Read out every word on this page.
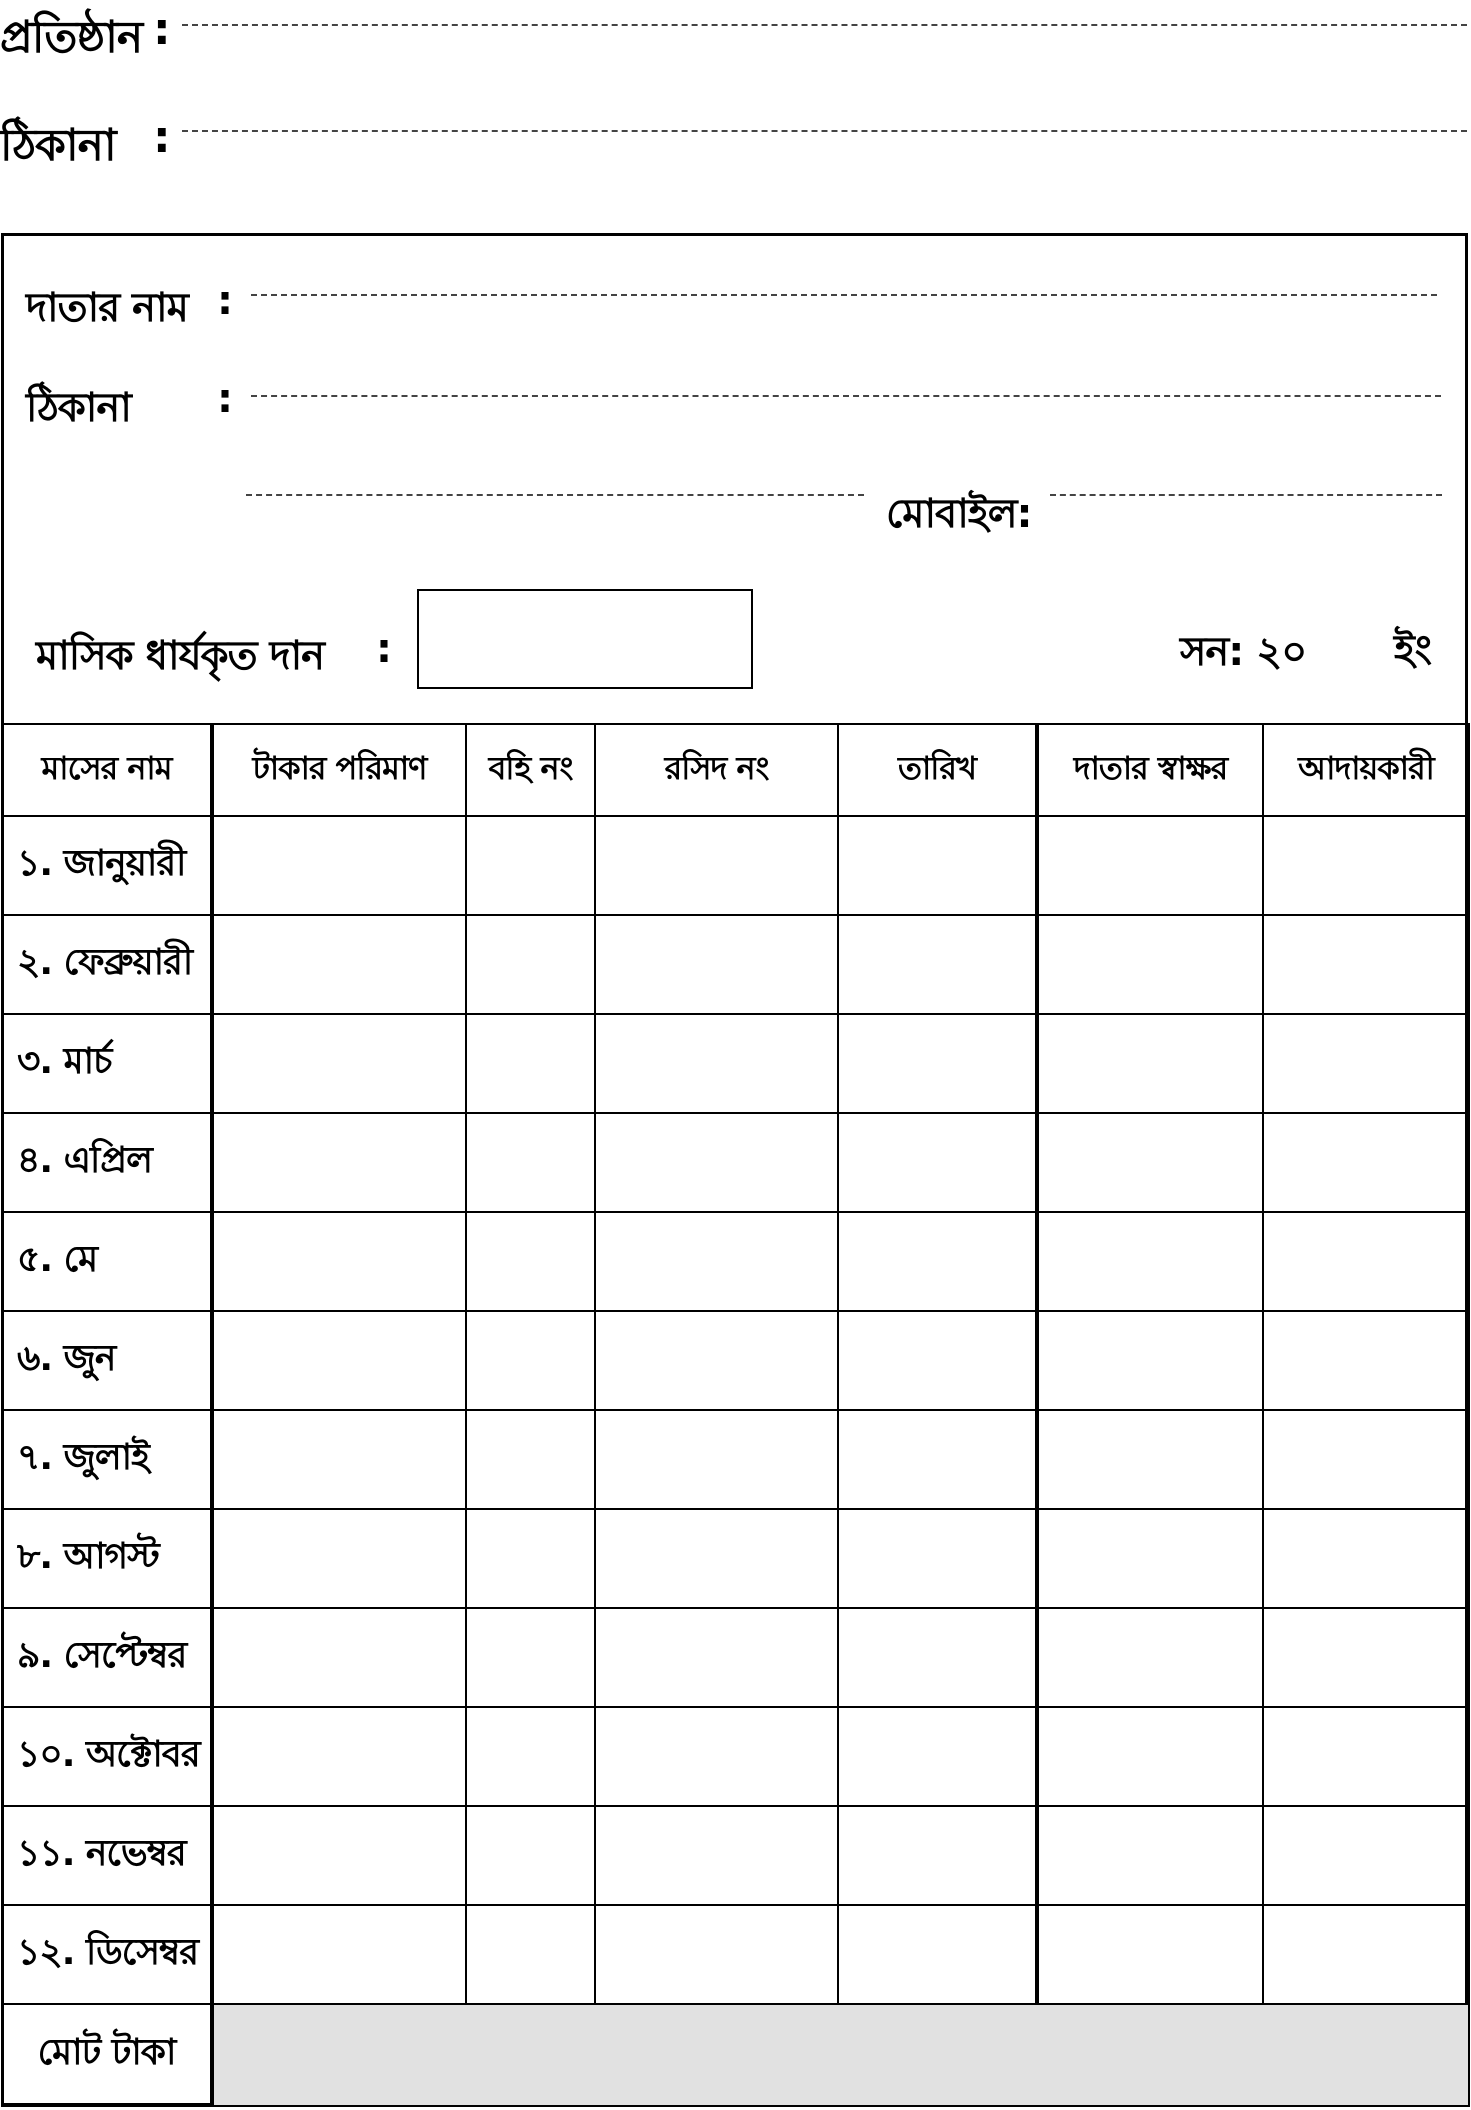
প্রতিষ্ঠান :
ঠিকানা :
দাতার নাম :
ঠিকানা :
মোবাইল:
মাসিক ধার্যকৃত দান :	সন: ২০ ইং
মাসের নাম	টাকার পরিমাণ	বহি নং	রসিদ নং	তারিখ	দাতার স্বাক্ষর	আদায়কারী
১. জানুয়ারী						
২. ফেব্রুয়ারী						
৩. মার্চ						
৪. এপ্রিল						
৫. মে						
৬. জুন						
৭. জুলাই						
৮. আগস্ট						
৯. সেপ্টেম্বর						
১০. অক্টোবর						
১১. নভেম্বর						
১২. ডিসেম্বর						
মোট টাকা						
